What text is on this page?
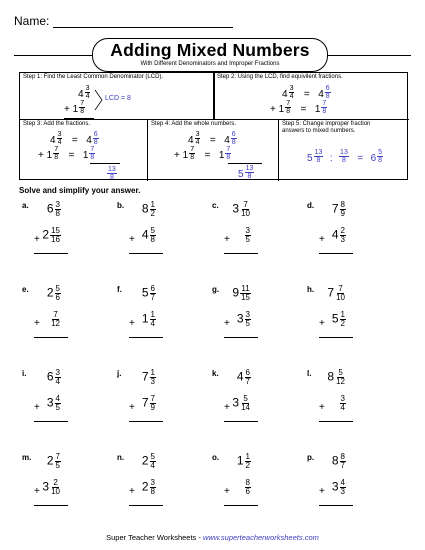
Name:
Adding Mixed Numbers
With Different Denominators and Improper Fractions
Step 1: Find the Least Common Denominator (LCD).
$4 \frac{3}{4}$
+ $1 \frac{7}{8}$
LCD = 8
Step 2: Using the LCD, find equivilent fractions.
$4 \frac{3}{4} = 4 \frac{6}{8}$
+ $1 \frac{7}{8} = 1 \frac{7}{8}$
Step 3: Add the fractions.
$4 \frac{3}{4} = 4 \frac{6}{8}$
+ $1 \frac{7}{8} = 1 \frac{7}{8}$
$\frac{13}{8}$
Step 4: Add the whole numbers.
$4 \frac{3}{4} = 4 \frac{6}{8}$
+ $1 \frac{7}{8} = 1 \frac{7}{8}$
$5 \frac{13}{8}$
Step 5: Change improper fraction answers to mixed numbers.
$5 \frac{13}{8}$ : $\frac{13}{8} = 6 \frac{5}{8}$
Solve and simplify your answer.
a. $6 \frac{3}{8}$
+ $2 \frac{15}{16}$
b. $8 \frac{1}{2}$
+ $4 \frac{5}{8}$
c. $3 \frac{7}{10}$
+ $\frac{3}{5}$
d. $7 \frac{8}{9}$
+ $4 \frac{2}{3}$
e. $2 \frac{5}{6}$
+ $\frac{7}{12}$
f. $5 \frac{6}{7}$
+ $1 \frac{1}{4}$
g. $9 \frac{11}{15}$
+ $3 \frac{3}{5}$
h. $7 \frac{7}{10}$
+ $5 \frac{1}{2}$
i. $6 \frac{3}{4}$
+ $3 \frac{4}{5}$
j. $7 \frac{1}{3}$
+ $7 \frac{7}{9}$
k. $4 \frac{6}{7}$
+ $3 \frac{5}{14}$
l. $8 \frac{5}{12}$
+ $\frac{3}{4}$
m. $2 \frac{7}{5}$
+ $3 \frac{2}{10}$
n. $2 \frac{5}{4}$
+ $2 \frac{3}{8}$
o. $1 \frac{1}{2}$
+ $\frac{8}{6}$
p. $8 \frac{8}{7}$
+ $3 \frac{4}{3}$
Super Teacher Worksheets - www.superteacherworksheets.com
